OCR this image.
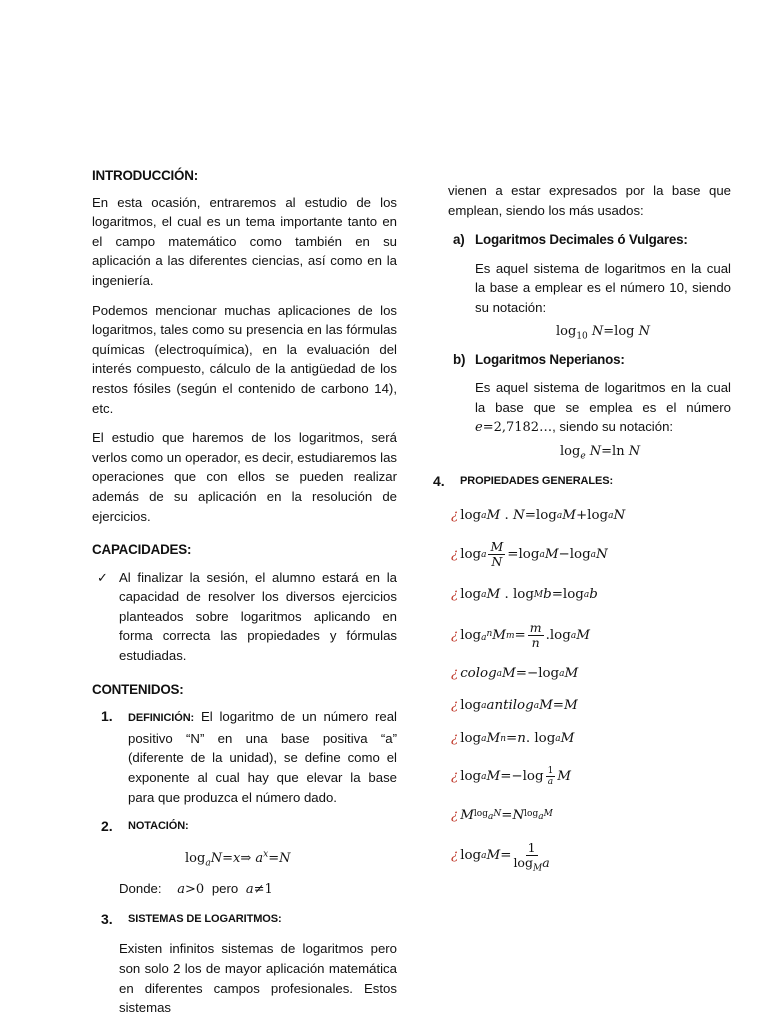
INTRODUCCIÓN:

En esta ocasión, entraremos al estudio de los logaritmos, el cual es un tema importante tanto en el campo matemático como también en su aplicación a las diferentes ciencias, así como en la ingeniería.

Podemos mencionar muchas aplicaciones de los logaritmos, tales como su presencia en las fórmulas químicas (electroquímica), en la evaluación del interés compuesto, cálculo de la antigüedad de los restos fósiles (según el contenido de carbono 14), etc.

El estudio que haremos de los logaritmos, será verlos como un operador, es decir, estudiaremos las operaciones que con ellos se pueden realizar además de su aplicación en la resolución de ejercicios.

CAPACIDADES:
✓ Al finalizar la sesión, el alumno estará en la capacidad de resolver los diversos ejercicios planteados sobre logaritmos aplicando en forma correcta las propiedades y fórmulas estudiadas.

CONTENIDOS:
1.	DEFINICIÓN: El logaritmo de un número real positivo “N” en una base positiva “a” (diferente de la unidad), se define como el exponente al cual hay que elevar la base para que produzca el número dado.

2.	NOTACIÓN:
$\log_aN=x\Rightarrow$ $a^x=N$
Donde: a>0 pero a≠1
3.	SISTEMAS DE LOGARITMOS:

Existen infinitos sistemas de logaritmos pero son solo 2 los de mayor aplicación matemática en diferentes campos profesionales. Estos sistemas

vienen a estar expresados por la base que emplean, siendo los más usados:

a) Logaritmos Decimales ó Vulgares:

Es aquel sistema de logaritmos en la cual la base a emplear es el número 10, siendo su notación:

$\log_{10} N=\log$ N
b) Logaritmos Neperianos:

Es aquel sistema de logaritmos en la cual la base que se emplea es el número e=2,7182…, siendo su notación:

$\log_e N=\ln$ N
4.	PROPIEDADES GENERALES:
¿ log a M . N =log a M +log a N
¿ log a $\frac{M}{N} =\log$ a M −log a N
¿ log a M . log M b =log a b
¿ $\log a^n$ M $m = \frac{m}{n} .\log$ a M
¿ colog a M =−log a M
¿ log a antilog a M = M
¿ log a M n = n . log a M
¿ log a $M =-\log \frac{1}{a}$ M
¿ M $\log_aN = N$ $\log_aM$
¿ log a $M = \frac{1}{\log_Ma}$
